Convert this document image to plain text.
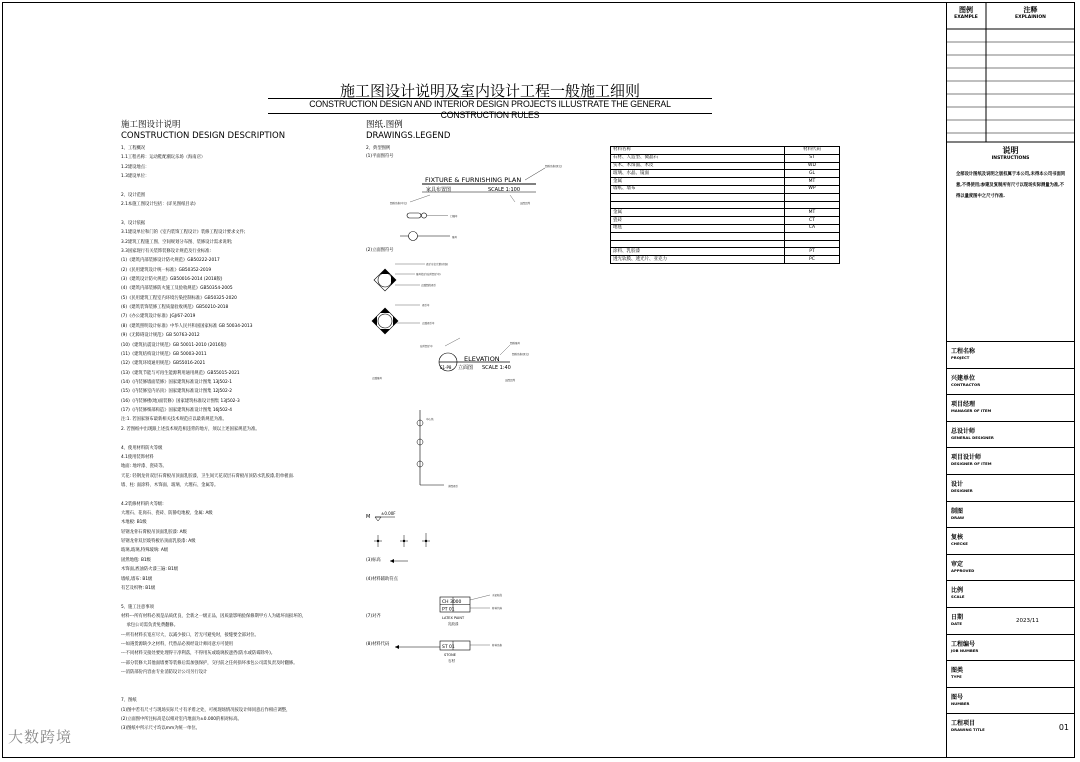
施工图设计说明及室内设计工程一般施工细则
CONSTRUCTION DESIGN AND INTERIOR DESIGN PROJECTS ILLUSTRATE THE GENERAL CONSTRUCTION RULES
施工图设计说明
CONSTRUCTION DESIGN DESCRIPTION
1、工程概况
1.1工程名称：运动鞋配潮玩乐场（海南店）
1.2建设地点：
1.3建设单位：
2、设计范围
2.1本施工图设计包括：(详见图纸目录)
3、设计依据
3.1建设单位和门的《室内装饰工程设计》装修工程设计要求文件;
3.2建筑工程施工图、空间规划分布图、装修设计需求说明;
3.3国家现行有关装饰装修设计规范及行业标准:
(1)《建筑内部装修设计防火规范》GB50222-2017
(2)《民用建筑设计统一标准》GB50352-2019
(3)《建筑设计防火规范》GB50016-2014 (2018版)
(4)《建筑内部装修防火施工及验收规范》GB50354-2005
(5)《民用建筑工程室内环境污染控制标准》GB50325-2020
(6)《建筑装饰装修工程质量验收规范》GB50210-2018
(7)《办公建筑设计标准》JGJ/67-2019
(8)《建筑照明设计标准》中华人民共和国国家标准 GB 50034-2013
(9)《无障碍设计规范》GB 50763-2012
(10)《建筑抗震设计规范》GB 50011-2010 (2016版)
(11)《建筑结构设计规范》GB 50003-2011
(12)《建筑环境通用规范》GB55016-2021
(13)《建筑节能与可再生能源利用通用规范》GB55015-2021
(14)《内装修墙面装修》国家建筑标准设计图集 13J502-1
(15)《内装修室内吊顶》国家建筑标准设计图集 12J502-2
(16)《内装修楼(地)面装修》国家建筑标准设计图集 13J502-3
(17)《内装修细部构造》国家建筑标准设计图集 16J502-4
注:1. 若国家颁布最新相关技术规范应以最新规范为准。
2. 若图纸中出现跟上述技术规范相违背的地方，须以上述国家规范为准。
4、使用材料防火等级
4.1使用装饰材料
地面: 地坪漆、瓷砖等。
天花: 轻钢龙骨双层石膏板吊顶面乳胶漆，卫生间天花双层石膏板吊顶防水乳胶漆,铝单板面.
墙、柱: 面涂料、木饰面、玻璃、大理石、金属等。
4.2装修材料的火等级:
大理石、花岗石、瓷砖、防静电地板、金属: A级
木地板: B1级
轻钢龙骨石膏板吊顶面乳胶漆: A级
轻钢龙骨双层玻特板吊顶面乳胶漆: A级
玻璃,玻璃,特殊玻璃: A级
固然地毯: B1级
木饰面,底油防火漆三遍: B1级
墙纸,墙布: B1级
有艺及织物: B1级
5、施工注意事项
材料---所有材料必须是品质优良、全新之一级正品，因质量影响验保修期甲方人为破坏而损坏的，
承包公司需负责免费翻修。
---所有材料长宽应尽大，以减少接口，若无可避免时，接缝要全部对位。
---如遇货源缺少之材料，代替品必须经设计师同意方可使用
---不同材料交接处要处理得干净利落，不得用灰或玻璃胶遮挡(防水或防霉除外)。
---部分装修大其他面墙要等装修后需加强保护，交付前之任何损坏承包公司需负责及时翻修。
---消防部份内容由专业消防设计公司另行设计
7、图纸
(1)图中若有尺寸与现场实际尺寸有矛盾之处，可视现场情况按设计师同意后作相应调整，
(2)立面图中所注标高是以相对室内地面为±0.000的相对标高。
(3)图纸中所示尺寸均以mm为统一单位。
图纸.图例
DRAWINGS.LEGEND
2、典型图例
(1)平面图符号
(2)立面图符号
(3)标高
(4)材料辅助符点
(7)对齐
(8)材料代码
FIXTURE & FURNISHING PLAN
家具布置图	SCALE 1:100
图纸名称(中文)	出图比例
图纸名称(英文)
门编号
编号
表示方位示意(内容)
编号指示(在所图示中)
立面图的索引
索引号
立面索引号
ELEVATION
E1-P8 立面图 SCALE 1:40
在所图示中
图纸编号
图纸名称(英文)
出图比例
立面编号
中心线
详图索引
M
±0.00F
CH 3000
PT 01
LATEX PAINT
乳胶漆
天花标高
材料代码
ST 01
STONE
石材
材料名称
材料名称	材料代码
石材、人造型、微晶石	ST
实木、木饰面、木皮	WD
玻璃、水晶、镜面	GL
金属	MT
墙纸、墙布	WP

金属	MT
瓷砖	CT
地毯	CA

涂料、乳胶漆	PT
透光软膜、透光片、亚克力	PC
图例
EXAMPLE
注释
EXPLAINION
说明
INSTRUCTIONS
全部设计图纸及说明之版权属于本公司,未得本公司书面同意,不得使用;参建及复制所有尺寸以现场实际测量为准,不得以量度图中之尺寸作准.
工程名称
PROJECT
兴建单位
CONTRACTOR
项目经理
MANAGER OF ITEM
总设计师
GENERAL DESIGNER
项目设计师
DESIGNER OF ITEM
设计
DESIGNER
制图
DRAW
复核
CHECKE
审定
APPROVED
比例
SCALE
日期
DATE	2023/11
工程编号
JOB NUMBER
图类
TYPE
图号
NUMBER
工程项目
DRAWING TITLE	01
大数跨境
